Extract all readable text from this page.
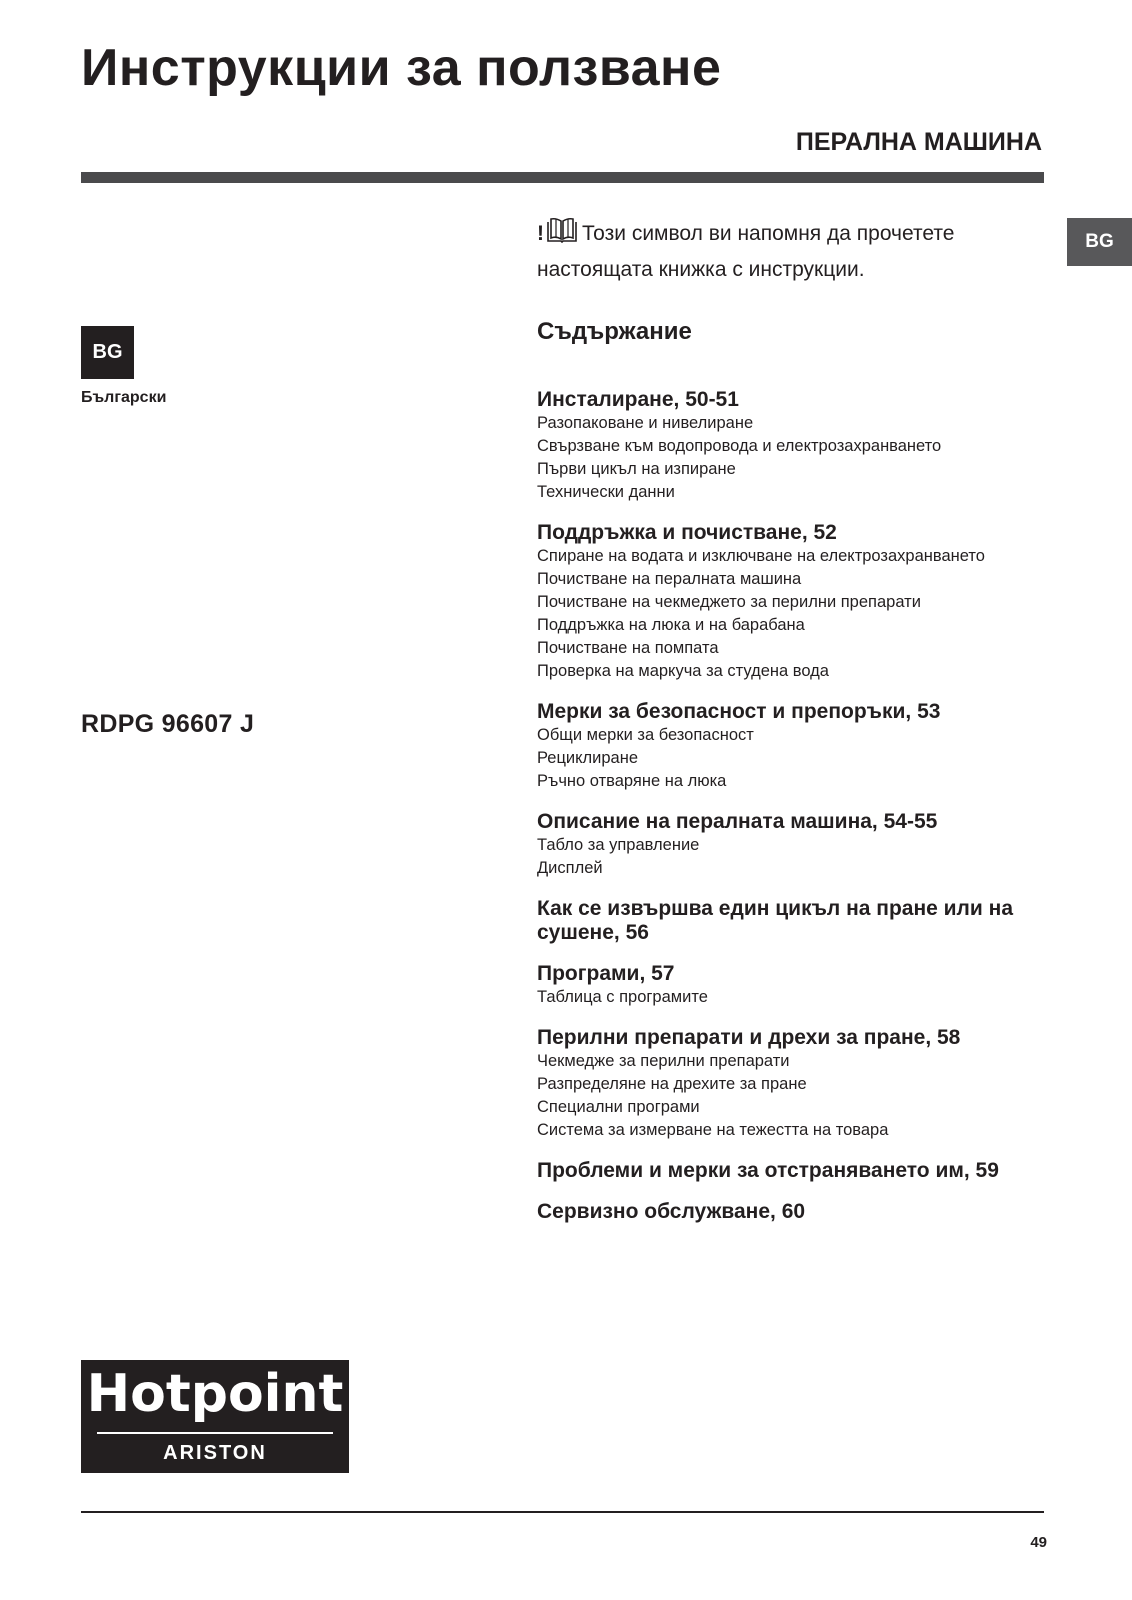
Инструкции за ползване
ПЕРАЛНА МАШИНА
BG
BG
Български
RDPG 96607 J
! Този символ ви напомня да прочетете настоящата книжка с инструкции.
Съдържание
Инсталиране, 50-51
Разопаковане и нивелиране
Свързване към водопровода и електрозахранването
Първи цикъл на изпиране
Технически данни
Поддръжка и почистване, 52
Спиране на водата и изключване на електрозахранването
Почистване на пералната машина
Почистване на чекмеджето за перилни препарати
Поддръжка на люка и на барабана
Почистване на помпата
Проверка на маркуча за студена вода
Мерки за безопасност и препоръки, 53
Общи мерки за безопасност
Рециклиране
Ръчно отваряне на люка
Описание на пералната машина, 54-55
Табло за управление
Дисплей
Как се извършва един цикъл на пране или на сушене, 56
Програми, 57
Таблица с програмите
Перилни препарати и дрехи за пране, 58
Чекмедже за перилни препарати
Разпределяне на дрехите за пране
Специални програми
Система за измерване на тежестта на товара
Проблеми и мерки за отстраняването им, 59
Сервизно обслужване, 60
Hotpoint
ARISTON
49
